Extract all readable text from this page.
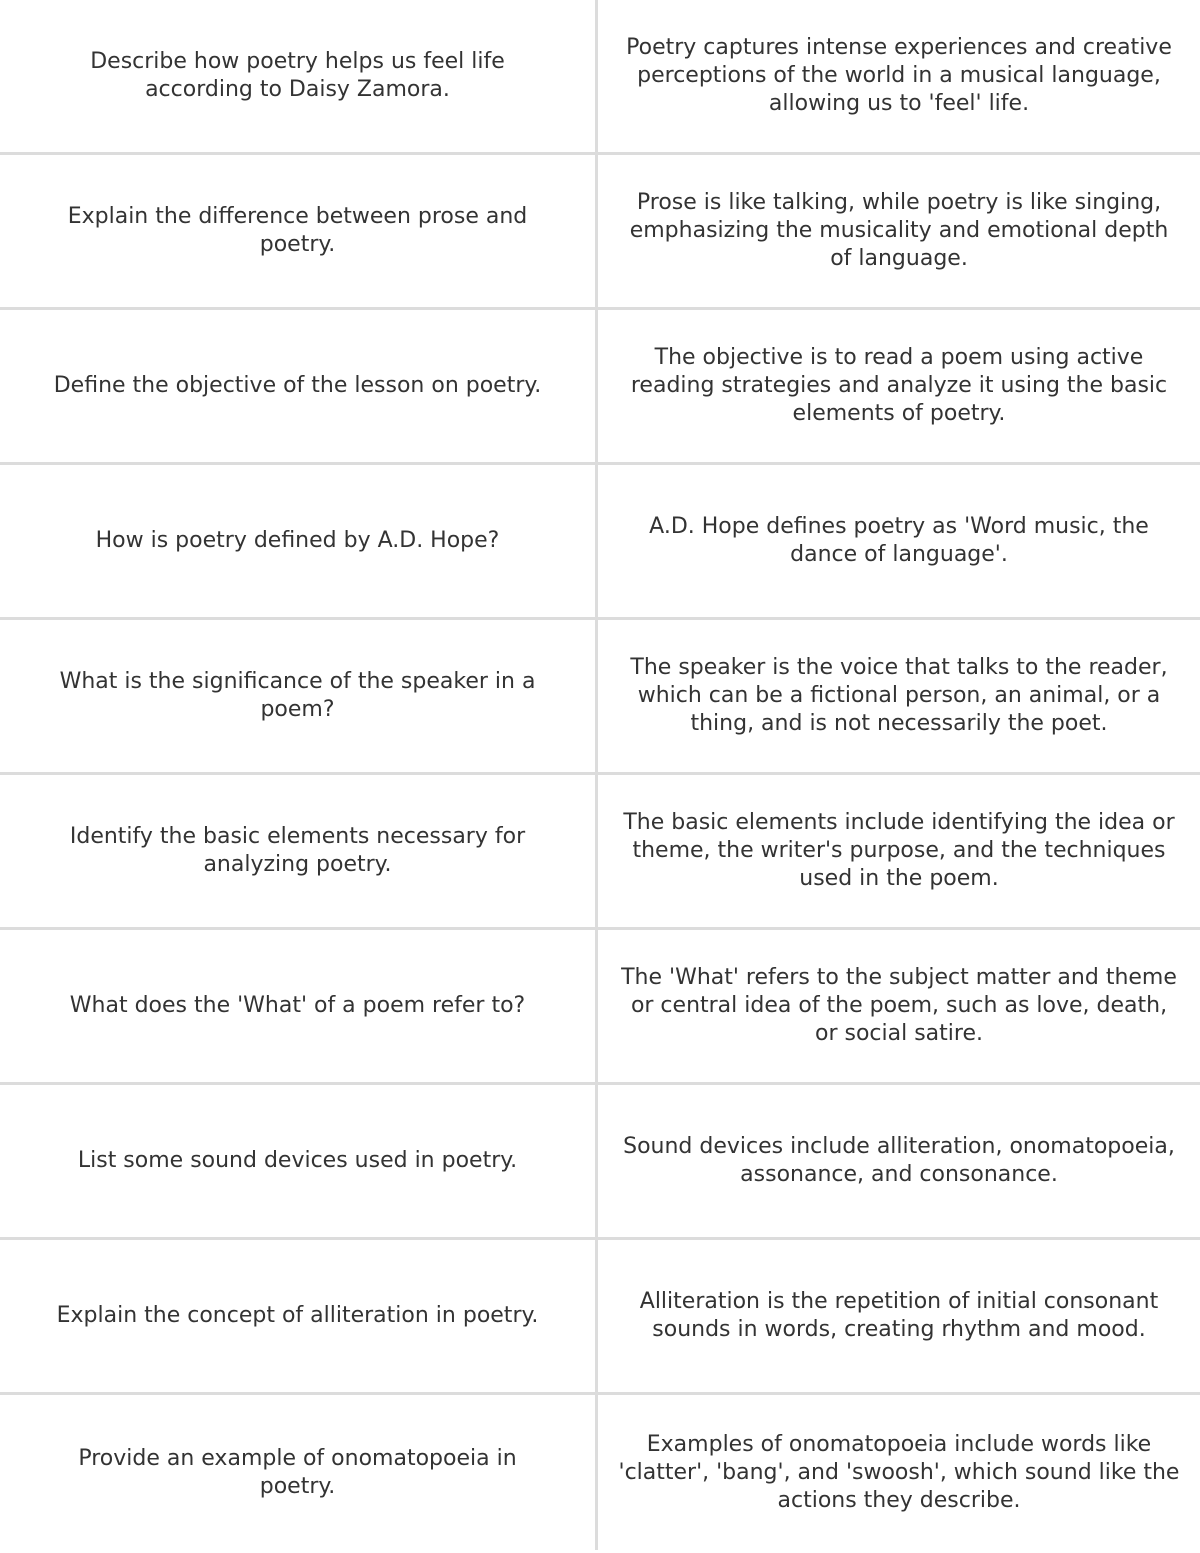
Describe how poetry helps us feel life according to Daisy Zamora.
Poetry captures intense experiences and creative perceptions of the world in a musical language, allowing us to 'feel' life.
Explain the difference between prose and poetry.
Prose is like talking, while poetry is like singing, emphasizing the musicality and emotional depth of language.
Define the objective of the lesson on poetry.
The objective is to read a poem using active reading strategies and analyze it using the basic elements of poetry.
How is poetry defined by A.D. Hope?
A.D. Hope defines poetry as 'Word music, the dance of language'.
What is the significance of the speaker in a poem?
The speaker is the voice that talks to the reader, which can be a fictional person, an animal, or a thing, and is not necessarily the poet.
Identify the basic elements necessary for analyzing poetry.
The basic elements include identifying the idea or theme, the writer's purpose, and the techniques used in the poem.
What does the 'What' of a poem refer to?
The 'What' refers to the subject matter and theme or central idea of the poem, such as love, death, or social satire.
List some sound devices used in poetry.
Sound devices include alliteration, onomatopoeia, assonance, and consonance.
Explain the concept of alliteration in poetry.
Alliteration is the repetition of initial consonant sounds in words, creating rhythm and mood.
Provide an example of onomatopoeia in poetry.
Examples of onomatopoeia include words like 'clatter', 'bang', and 'swoosh', which sound like the actions they describe.
